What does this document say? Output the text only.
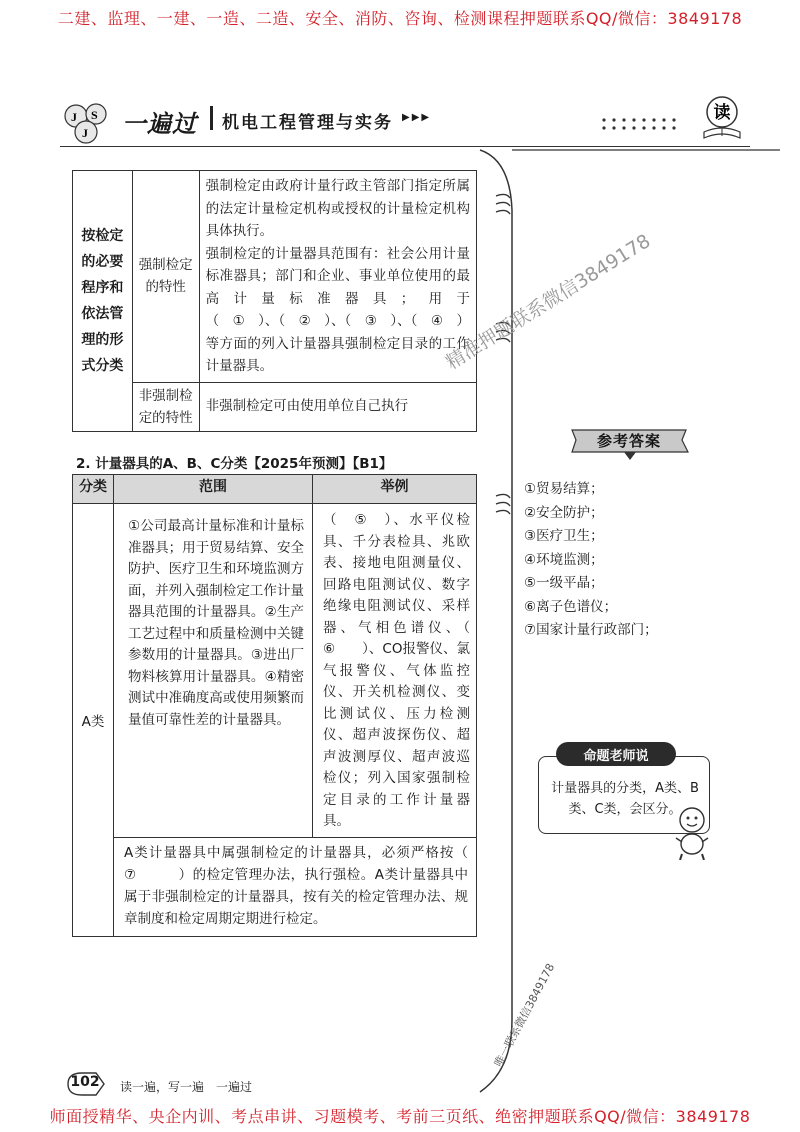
二建、监理、一建、一造、二造、安全、消防、咨询、检测课程押题联系QQ/微信：3849178
J S
J 一遍过 机电工程管理与实务 ▶▶▶	读
按检定的必要程序和依法管理的形式分类	强制检定的特性	强制检定由政府计量行政主管部门指定所属的法定计量检定机构或授权的计量检定机构具体执行。
强制检定的计量器具范围有：社会公用计量标准器具；部门和企业、事业单位使用的最高计量标准器具；用于（　①　）、（　②　）、（　③　）、（　④　）等方面的列入计量器具强制检定目录的工作计量器具。
	非强制检定的特性	非强制检定可由使用单位自己执行
2. 计量器具的A、B、C分类【2025年预测】【B1】
分类	范围	举例
A类	①公司最高计量标准和计量标准器具；用于贸易结算、安全防护、医疗卫生和环境监测方面，并列入强制检定工作计量器具范围的计量器具。②生产工艺过程中和质量检测中关键参数用的计量器具。③进出厂物料核算用计量器具。④精密测试中准确度高或使用频繁而量值可靠性差的计量器具。	（　⑤　）、水平仪检具、千分表检具、兆欧表、接地电阻测量仪、回路电阻测试仪、数字绝缘电阻测试仪、采样器、气相色谱仪、（　　⑥　　）、CO报警仪、氯气报警仪、气体监控仪、开关机检测仪、变比测试仪、压力检测仪、超声波探伤仪、超声波测厚仪、超声波巡检仪；列入国家强制检定目录的工作计量器具。
	A类计量器具中属强制检定的计量器具，必须严格按（　　　⑦　　　）的检定管理办法，执行强检。A类计量器具中属于非强制检定的计量器具，按有关的检定管理办法、规章制度和检定周期定期进行检定。	
参考答案
①贸易结算；
②安全防护；
③医疗卫生；
④环境监测；
⑤一级平晶；
⑥离子色谱仪；
⑦国家计量行政部门；
命题老师说
计量器具的分类，A类、B类、C类，会区分。
精准押题联系微信3849178
唯一联系微信3849178
102 读一遍，写一遍　一遍过
师面授精华、央企内训、考点串讲、习题模考、考前三页纸、绝密押题联系QQ/微信：3849178
